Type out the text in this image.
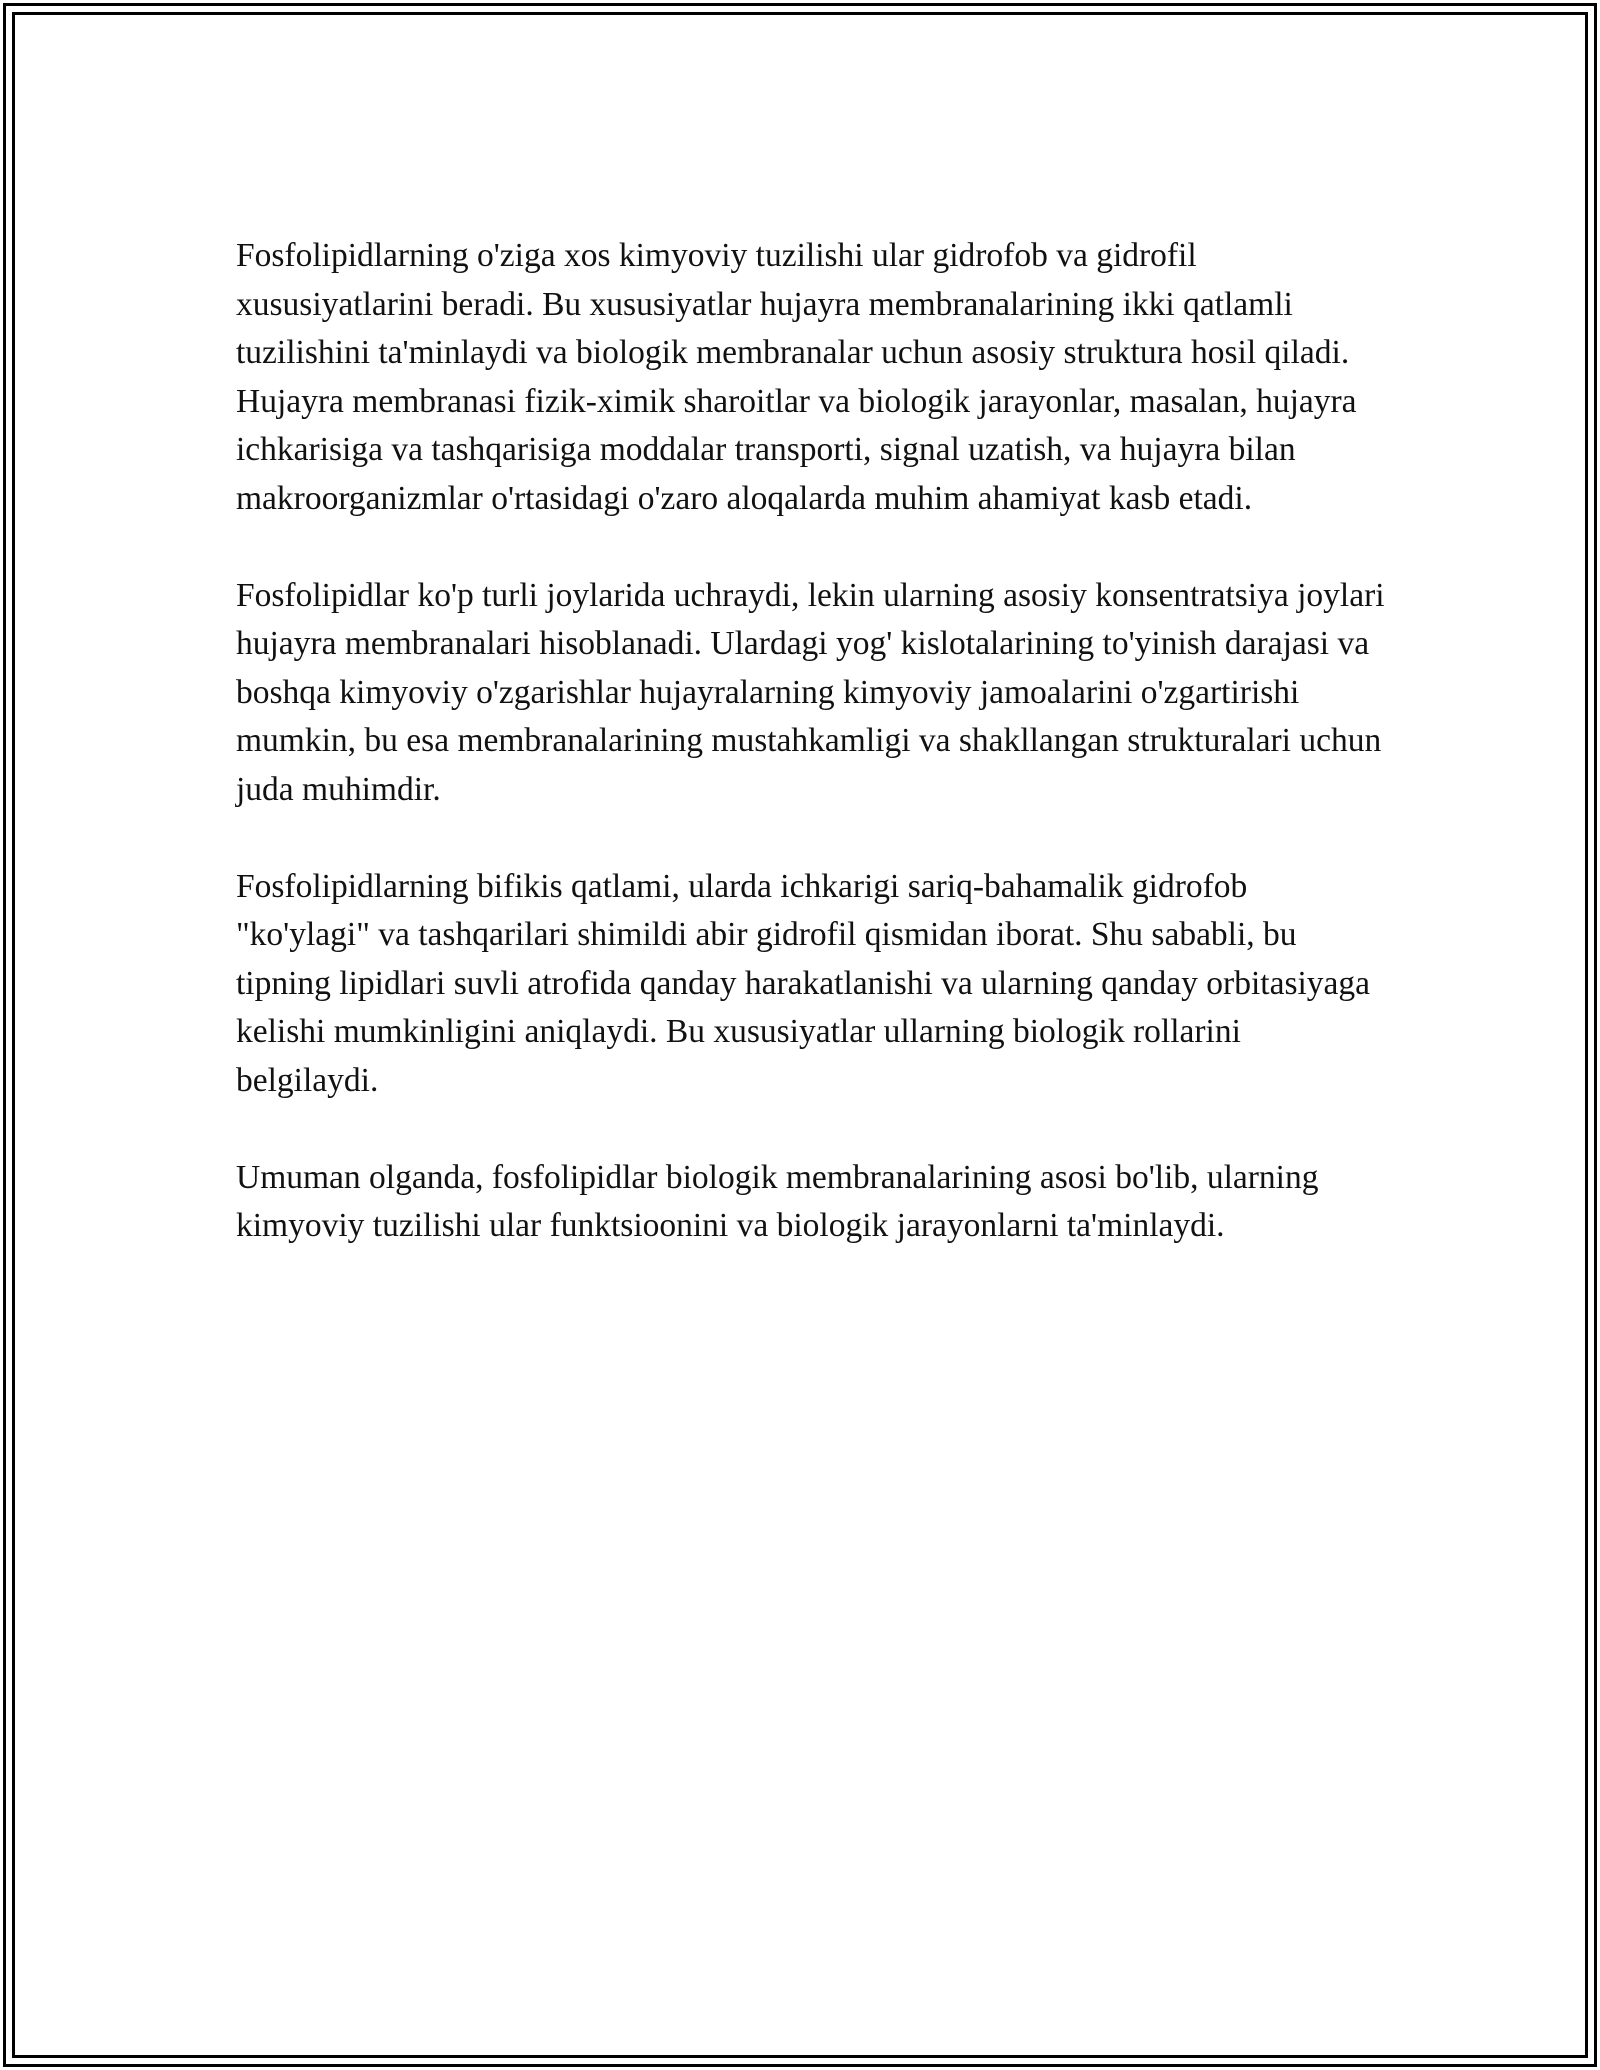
Fosfolipidlarning o'ziga xos kimyoviy tuzilishi ular gidrofob va gidrofil xususiyatlarini beradi. Bu xususiyatlar hujayra membranalarining ikki qatlamli tuzilishini ta'minlaydi va biologik membranalar uchun asosiy struktura hosil qiladi. Hujayra membranasi fizik-ximik sharoitlar va biologik jarayonlar, masalan, hujayra ichkarisiga va tashqarisiga moddalar transporti, signal uzatish, va hujayra bilan makroorganizmlar o'rtasidagi o'zaro aloqalarda muhim ahamiyat kasb etadi.

Fosfolipidlar ko'p turli joylarida uchraydi, lekin ularning asosiy konsentratsiya joylari hujayra membranalari hisoblanadi. Ulardagi yog' kislotalarining to'yinish darajasi va boshqa kimyoviy o'zgarishlar hujayralarning kimyoviy jamoalarini o'zgartirishi mumkin, bu esa membranalarining mustahkamligi va shakllangan strukturalari uchun juda muhimdir.

Fosfolipidlarning bifikis qatlami, ularda ichkarigi sariq-bahamalik gidrofob "ko'ylagi" va tashqarilari shimildi abir gidrofil qismidan iborat. Shu sababli, bu tipning lipidlari suvli atrofida qanday harakatlanishi va ularning qanday orbitasiyaga kelishi mumkinligini aniqlaydi. Bu xususiyatlar ullarning biologik rollarini belgilaydi.

Umuman olganda, fosfolipidlar biologik membranalarining asosi bo'lib, ularning kimyoviy tuzilishi ular funktsioonini va biologik jarayonlarni ta'minlaydi.
